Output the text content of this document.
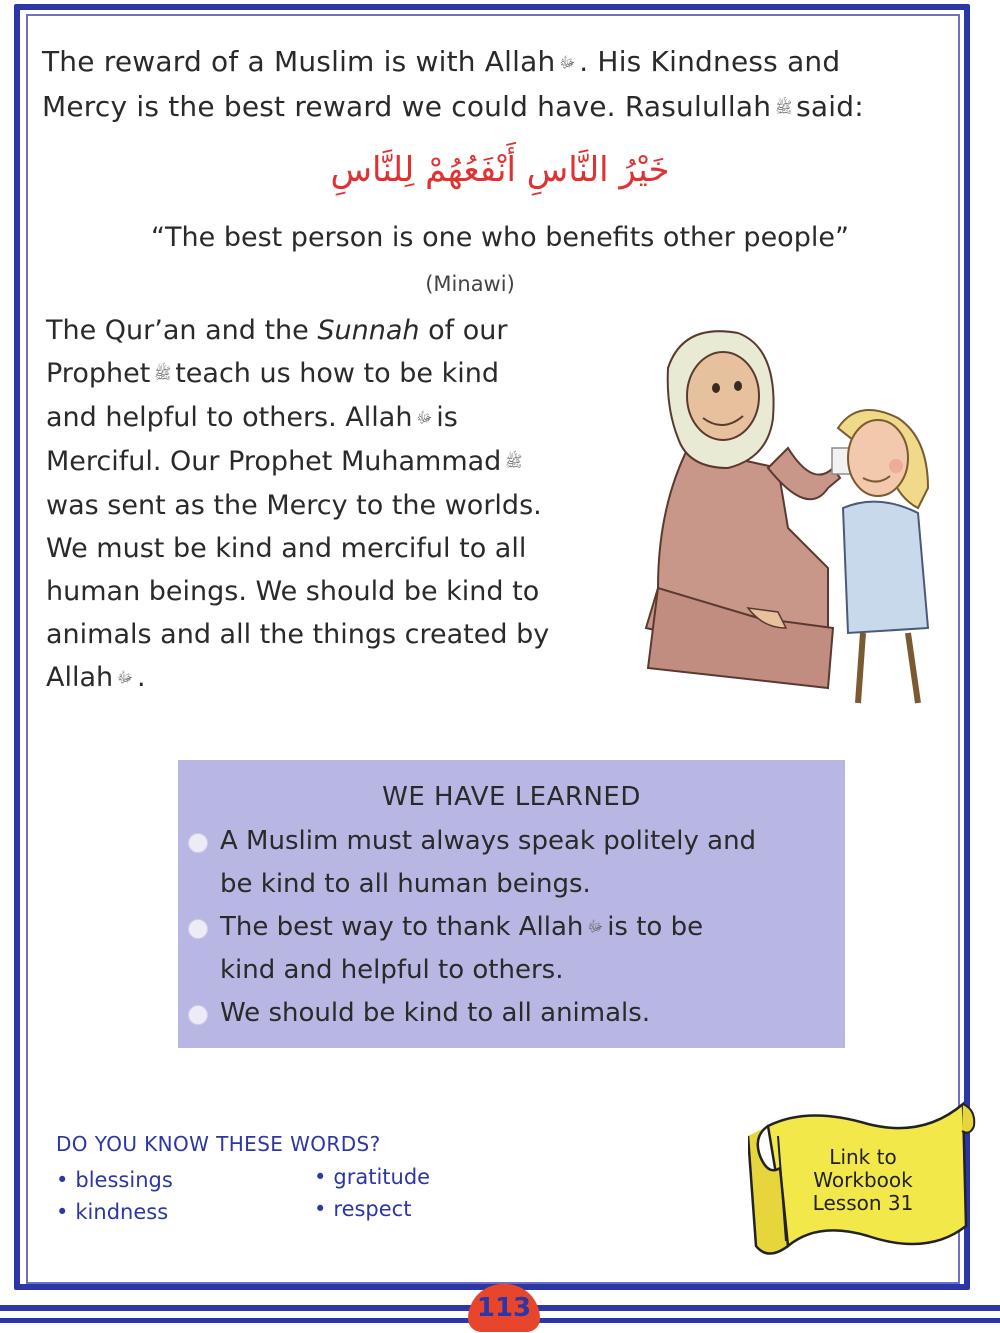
The reward of a Muslim is with Allah ﷻ . His Kindness and
Mercy is the best reward we could have. Rasulullah ﷺ said:
خَيْرُ النَّاسِ أَنْفَعُهُمْ لِلنَّاسِ
“The best person is one who benefits other people”
(Minawi)
The Qur’an and the Sunnah of our
Prophet ﷺ teach us how to be kind
and helpful to others. Allah ﷻ is
Merciful. Our Prophet Muhammad ﷺ
was sent as the Mercy to the worlds.
We must be kind and merciful to all
human beings. We should be kind to
animals and all the things created by
Allah ﷻ .
WE HAVE LEARNED
A Muslim must always speak politely and
be kind to all human beings.
The best way to thank Allah ﷻ is to be
kind and helpful to others.
We should be kind to all animals.
DO YOU KNOW THESE WORDS?
• blessings
• kindness
• gratitude
• respect
Link to
Workbook
Lesson 31
113
